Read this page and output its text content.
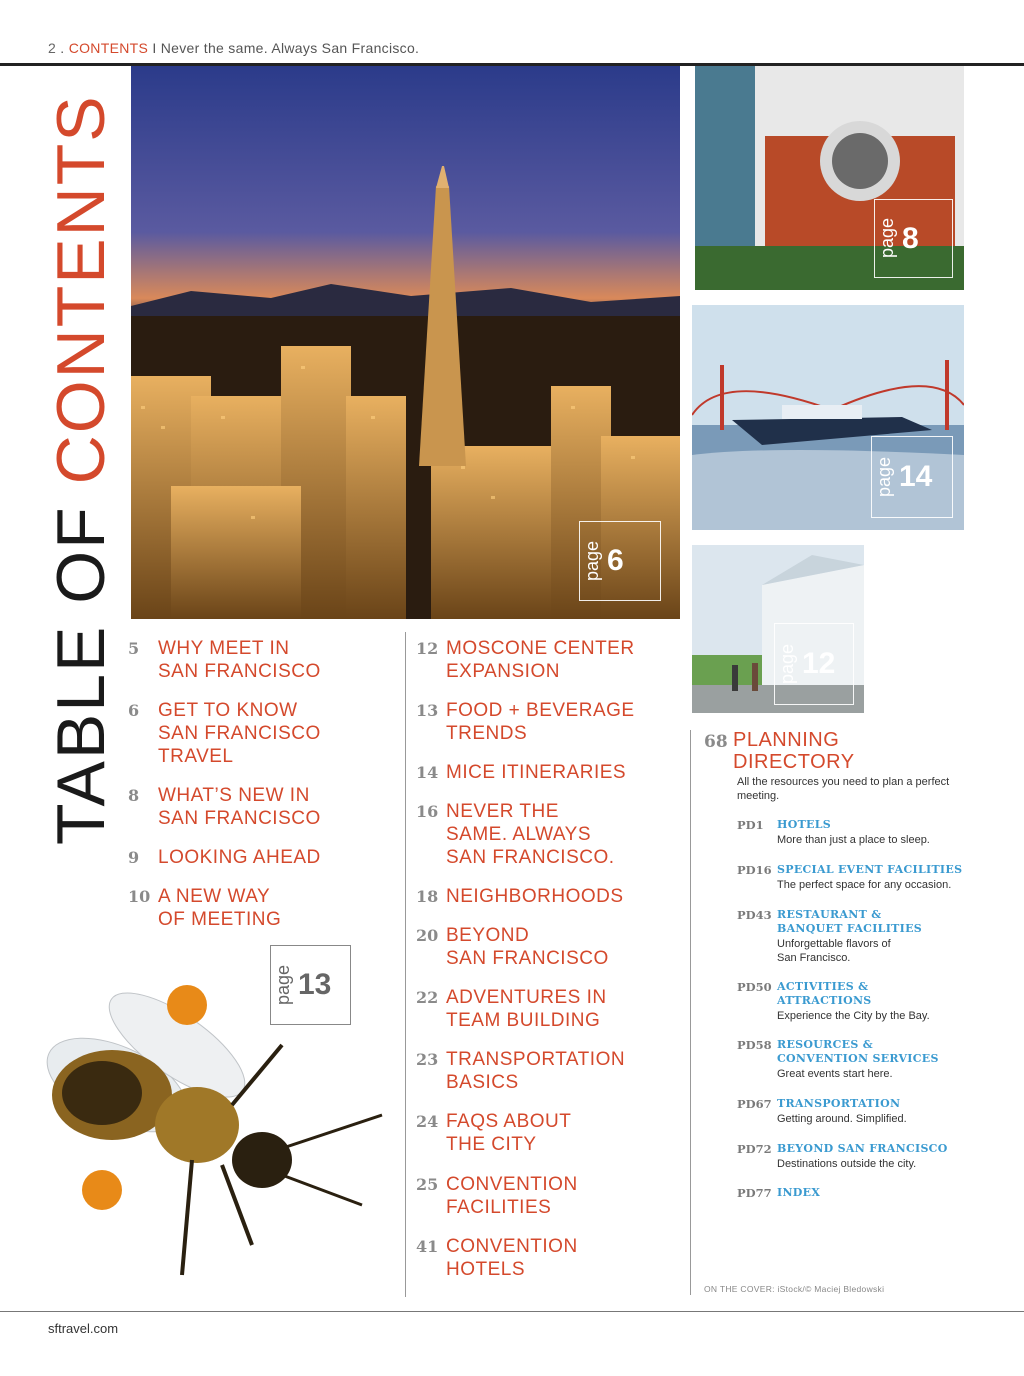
2 . CONTENTS I Never the same. Always San Francisco.
TABLE OF CONTENTS
page 6
page 8
page 14
page 12
page 13
5 WHY MEET IN
SAN FRANCISCO
6 GET TO KNOW
SAN FRANCISCO
TRAVEL
8 WHAT’S NEW IN
SAN FRANCISCO
9 LOOKING AHEAD
10 A NEW WAY
OF MEETING
12 MOSCONE CENTER
EXPANSION
13 FOOD + BEVERAGE
TRENDS
14 MICE ITINERARIES
16 NEVER THE
SAME. ALWAYS
SAN FRANCISCO.
18 NEIGHBORHOODS
20 BEYOND
SAN FRANCISCO
22 ADVENTURES IN
TEAM BUILDING
23 TRANSPORTATION
BASICS
24 FAQS ABOUT
THE CITY
25 CONVENTION
FACILITIES
41 CONVENTION
HOTELS
68 PLANNING
DIRECTORY
All the resources you need to plan a perfect meeting.
PD1 HOTELS
More than just a place to sleep.
PD16 SPECIAL EVENT FACILITIES
The perfect space for any occasion.
PD43 RESTAURANT &
BANQUET FACILITIES
Unforgettable flavors of
San Francisco.
PD50 ACTIVITIES &
ATTRACTIONS
Experience the City by the Bay.
PD58 RESOURCES &
CONVENTION SERVICES
Great events start here.
PD67 TRANSPORTATION
Getting around. Simplified.
PD72 BEYOND SAN FRANCISCO
Destinations outside the city.
PD77 INDEX
ON THE COVER: iStock/© Maciej Bledowski
sftravel.com
